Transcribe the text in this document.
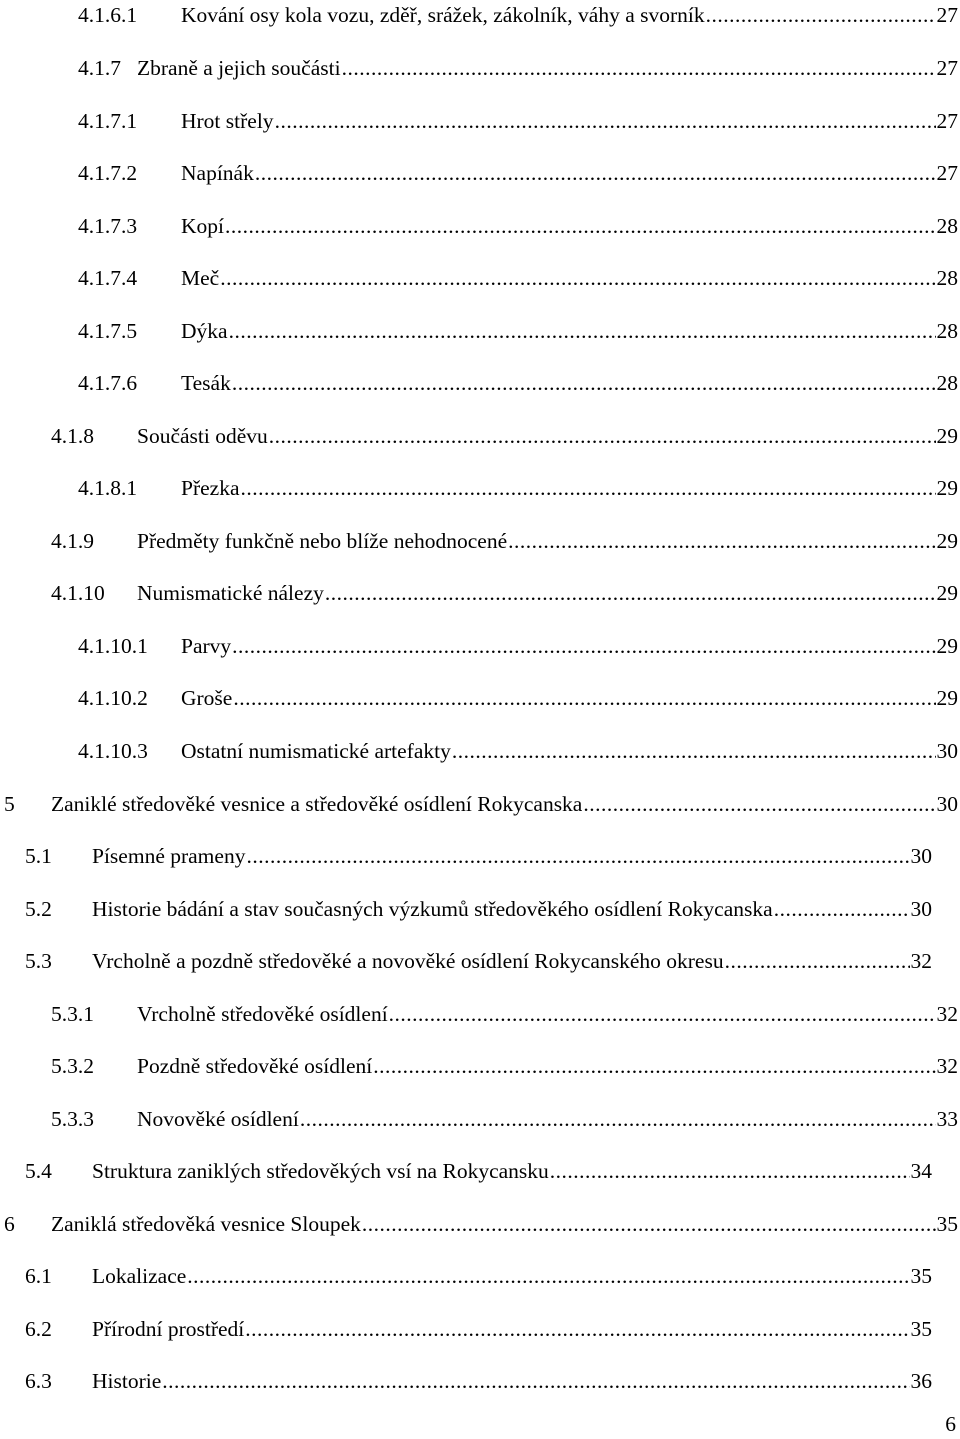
4.1.6.1 Kování osy kola vozu, zděř, srážek, zákolník, váhy a svorník .....	27
4.1.7 Zbraně a jejich součásti .....	27
4.1.7.1 Hrot střely .....	27
4.1.7.2 Napínák .....	27
4.1.7.3 Kopí .....	28
4.1.7.4 Meč .....	28
4.1.7.5 Dýka .....	28
4.1.7.6 Tesák .....	28
4.1.8 Součásti oděvu .....	29
4.1.8.1 Přezka .....	29
4.1.9 Předměty funkčně nebo blíže nehodnocené .....	29
4.1.10 Numismatické nálezy .....	29
4.1.10.1 Parvy .....	29
4.1.10.2 Groše .....	29
4.1.10.3 Ostatní numismatické artefakty .....	30
5 Zaniklé středověké vesnice a středověké osídlení Rokycanska .....	30
5.1 Písemné prameny .....	30
5.2 Historie bádání a stav současných výzkumů středověkého osídlení Rokycanska .....	30
5.3 Vrcholně a pozdně středověké a novověké osídlení Rokycanského okresu .....	32
5.3.1 Vrcholně středověké osídlení .....	32
5.3.2 Pozdně středověké osídlení .....	32
5.3.3 Novověké osídlení .....	33
5.4 Struktura zaniklých středověkých vsí na Rokycansku .....	34
6 Zaniklá středověká vesnice Sloupek .....	35
6.1 Lokalizace .....	35
6.2 Přírodní prostředí .....	35
6.3 Historie .....	36
6
